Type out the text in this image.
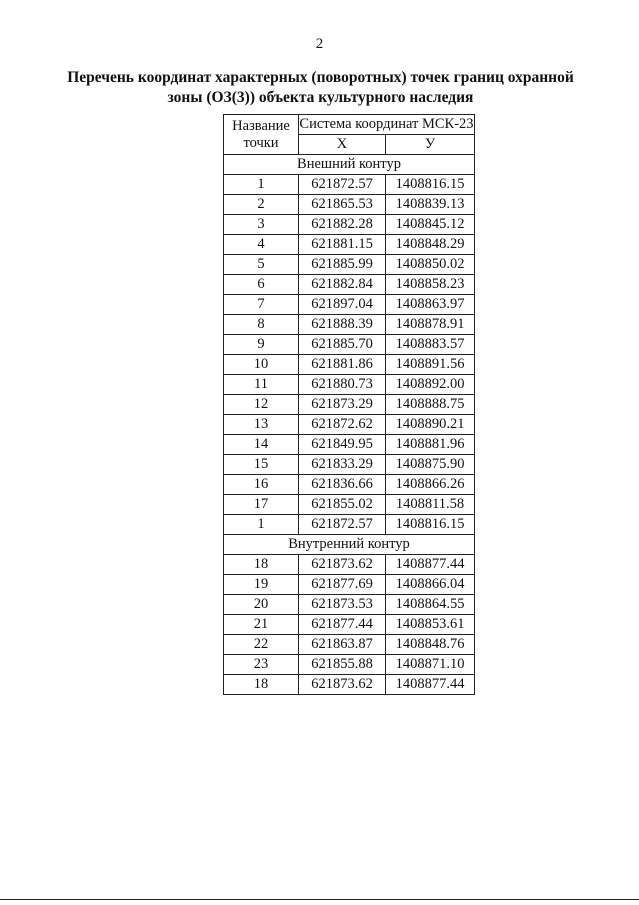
2
Перечень координат характерных (поворотных) точек границ охранной
зоны (ОЗ(3)) объекта культурного наследия
Название точки	Система координат МСК-23	
	X	У
Внешний контур		
1	621872.57	1408816.15
2	621865.53	1408839.13
3	621882.28	1408845.12
4	621881.15	1408848.29
5	621885.99	1408850.02
6	621882.84	1408858.23
7	621897.04	1408863.97
8	621888.39	1408878.91
9	621885.70	1408883.57
10	621881.86	1408891.56
11	621880.73	1408892.00
12	621873.29	1408888.75
13	621872.62	1408890.21
14	621849.95	1408881.96
15	621833.29	1408875.90
16	621836.66	1408866.26
17	621855.02	1408811.58
1	621872.57	1408816.15
Внутренний контур		
18	621873.62	1408877.44
19	621877.69	1408866.04
20	621873.53	1408864.55
21	621877.44	1408853.61
22	621863.87	1408848.76
23	621855.88	1408871.10
18	621873.62	1408877.44
